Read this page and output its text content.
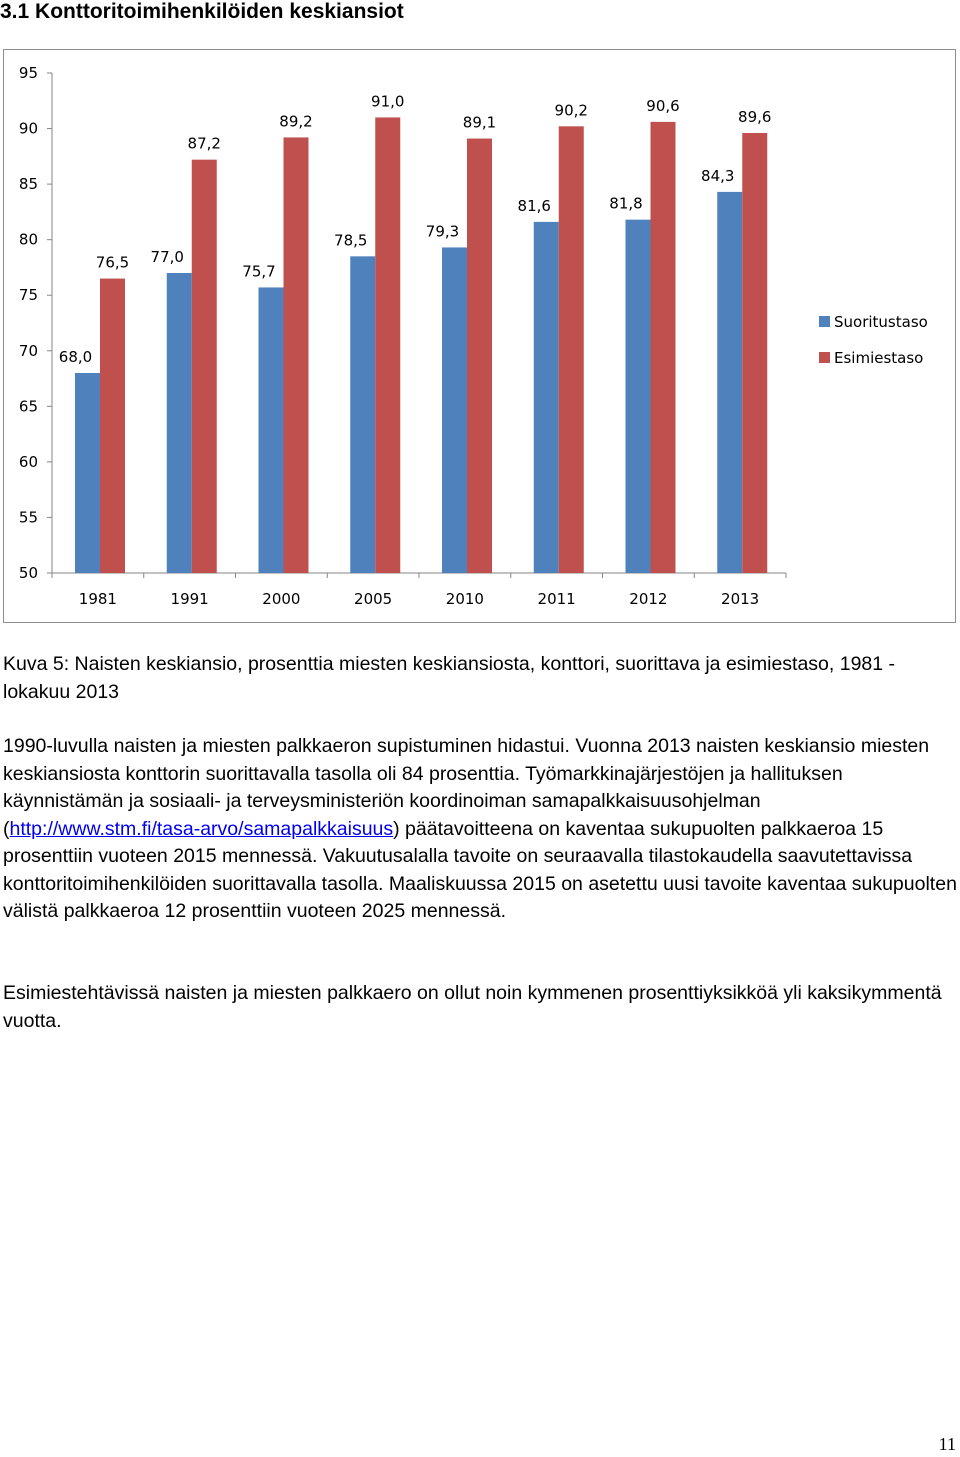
3.1 Konttoritoimihenkilöiden keskiansiot
95
90
85
80
75
70
65
60
55
50
68,0
76,5
1981
77,0
87,2
1991
75,7
89,2
2000
78,5
91,0
2005
79,3
89,1
2010
81,6
90,2
2011
81,8
90,6
2012
84,3
89,6
2013
Suoritustaso
Esimiestaso

Kuva 5: Naisten keskiansio, prosenttia miesten keskiansiosta, konttori, suorittava ja esimiestaso, 1981 - lokakuu 2013

1990-luvulla naisten ja miesten palkkaeron supistuminen hidastui. Vuonna 2013 naisten keskiansio miesten keskiansiosta konttorin suorittavalla tasolla oli 84 prosenttia. Työmarkkinajärjestöjen ja hallituksen käynnistämän ja sosiaali- ja terveysministeriön koordinoiman samapalkkaisuusohjelman (http://www.stm.fi/tasa-arvo/samapalkkaisuus) päätavoitteena on kaventaa sukupuolten palkkaeroa 15 prosenttiin vuoteen 2015 mennessä. Vakuutusalalla tavoite on seuraavalla tilastokaudella saavutettavissa konttoritoimihenkilöiden suorittavalla tasolla. Maaliskuussa 2015 on asetettu uusi tavoite kaventaa sukupuolten välistä palkkaeroa 12 prosenttiin vuoteen 2025 mennessä.

Esimiestehtävissä naisten ja miesten palkkaero on ollut noin kymmenen prosenttiyksikköä yli kaksikymmentä vuotta.

11
